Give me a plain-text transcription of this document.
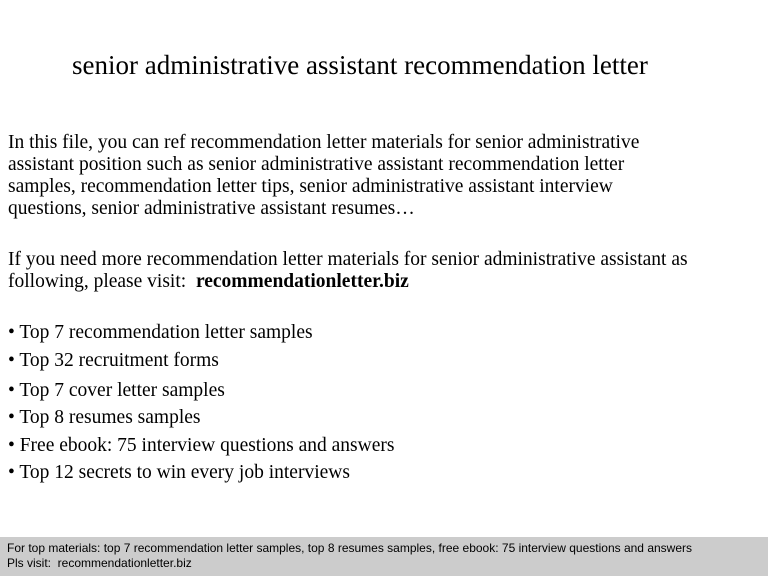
senior administrative assistant recommendation letter
In this file, you can ref recommendation letter materials for senior administrative
assistant position such as senior administrative assistant recommendation letter
samples, recommendation letter tips, senior administrative assistant interview
questions, senior administrative assistant resumes…
If you need more recommendation letter materials for senior administrative assistant as
following, please visit:  recommendationletter.biz
• Top 7 recommendation letter samples
• Top 32 recruitment forms
• Top 7 cover letter samples
• Top 8 resumes samples
• Free ebook: 75 interview questions and answers
• Top 12 secrets to win every job interviews
For top materials: top 7 recommendation letter samples, top 8 resumes samples, free ebook: 75 interview questions and answers
Pls visit:  recommendationletter.biz
